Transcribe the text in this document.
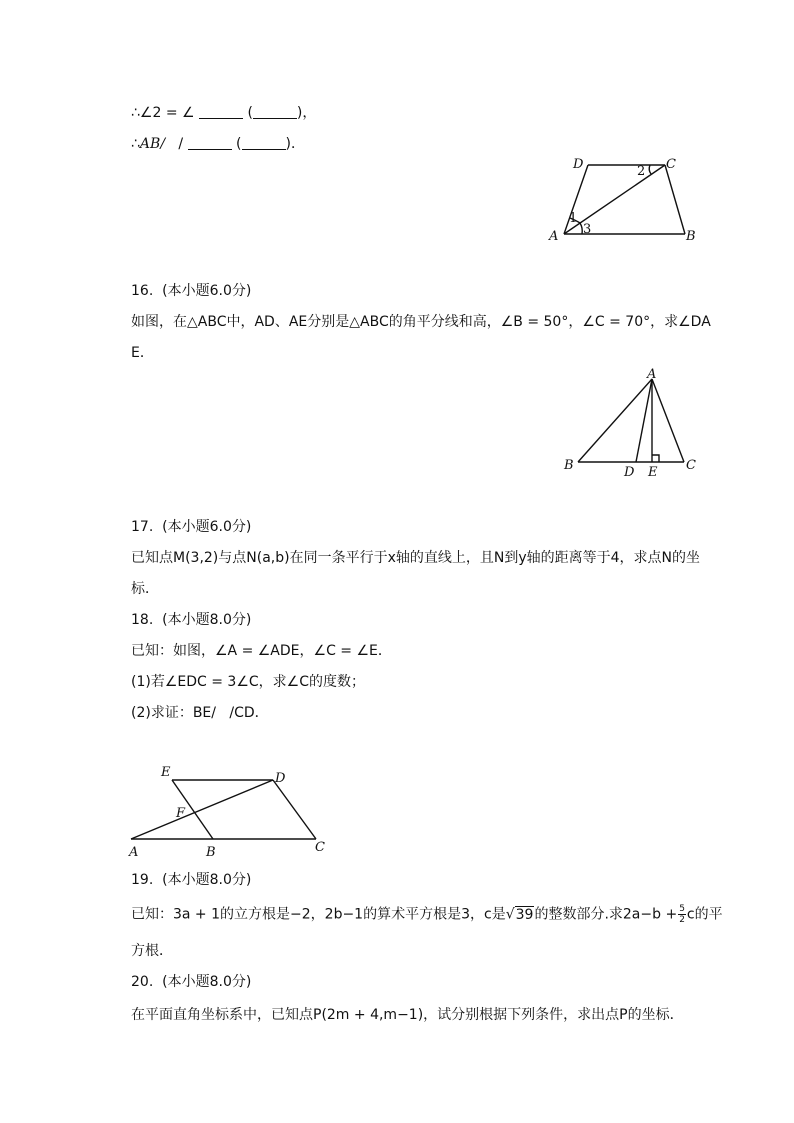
∴∠2 = ∠	(	)，
∴AB/ /	(	)．
D	C
A	B
1
2
3
16.  (本小题6.0分)
如图，在△ABC中，AD、AE分别是△ABC的角平分线和高，∠B = 50°，∠C = 70°，求∠DA
E．
A
B	C
D E
17.  (本小题6.0分)
已知点M(3,2)与点N(a,b)在同一条平行于x轴的直线上，且N到y轴的距离等于4，求点N的坐
标．
18.  (本小题8.0分)
已知：如图，∠A = ∠ADE，∠C = ∠E．
(1)若∠EDC = 3∠C，求∠C的度数；
(2)求证：BE/   /CD．
E	D
F
A	B	C
19.  (本小题8.0分)
已知：3a + 1的立方根是−2，2b−1的算术平方根是3，c是√39的整数部分.求$2a-b + \frac{5}{2}$ c的平
方根．
20.  (本小题8.0分)
在平面直角坐标系中，已知点P(2m + 4,m−1)，试分别根据下列条件，求出点P的坐标．
